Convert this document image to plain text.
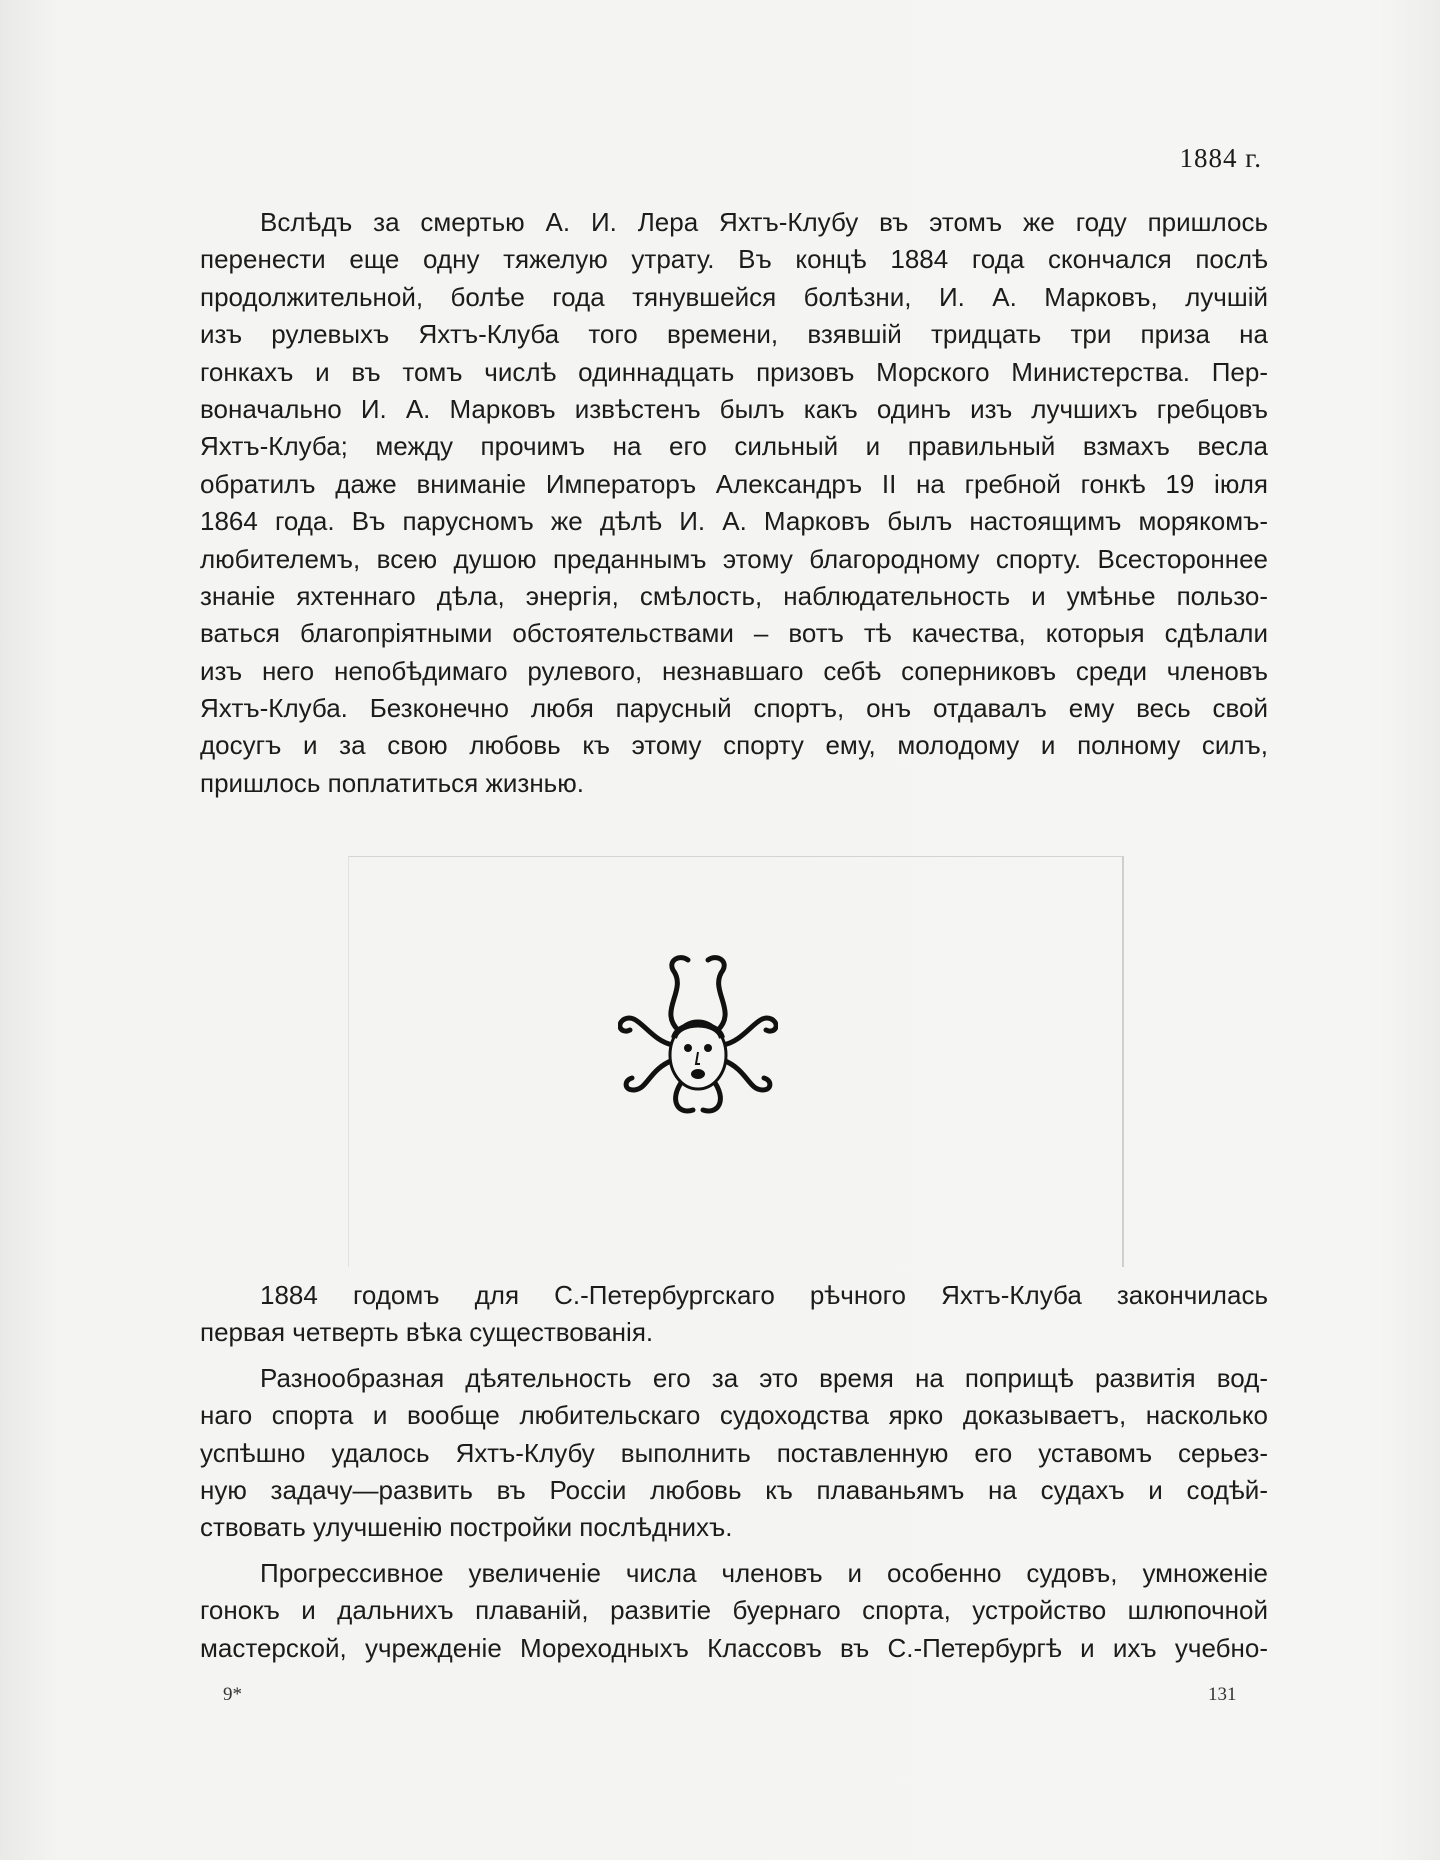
1884 г.
Вслѣдъ за смертью А. И. Лера Яхтъ-Клубу въ этомъ же году пришлось
перенести еще одну тяжелую утрату. Въ концѣ 1884 года скончался послѣ
продолжительной, болѣе года тянувшейся болѣзни, И. А. Марковъ, лучшій
изъ рулевыхъ Яхтъ-Клуба того времени, взявшій тридцать три приза на
гонкахъ и въ томъ числѣ одиннадцать призовъ Морского Министерства. Пер-
воначально И. А. Марковъ извѣстенъ былъ какъ одинъ изъ лучшихъ гребцовъ
Яхтъ-Клуба; между прочимъ на его сильный и правильный взмахъ весла
обратилъ даже вниманіе Императоръ Александръ II на гребной гонкѣ 19 іюля
1864 года. Въ парусномъ же дѣлѣ И. А. Марковъ былъ настоящимъ морякомъ-
любителемъ, всею душою преданнымъ этому благородному спорту. Всестороннее
знаніе яхтеннаго дѣла, энергія, смѣлость, наблюдательность и умѣнье пользо-
ваться благопріятными обстоятельствами – вотъ тѣ качества, которыя сдѣлали
изъ него непобѣдимаго рулевого, незнавшаго себѣ соперниковъ среди членовъ
Яхтъ-Клуба. Безконечно любя парусный спортъ, онъ отдавалъ ему весь свой
досугъ и за свою любовь къ этому спорту ему, молодому и полному силъ,
пришлось поплатиться жизнью.
1884 годомъ для С.-Петербургскаго рѣчного Яхтъ-Клуба закончилась
первая четверть вѣка существованія.
Разнообразная дѣятельность его за это время на поприщѣ развитія вод-
наго спорта и вообще любительскаго судоходства ярко доказываетъ, насколько
успѣшно удалось Яхтъ-Клубу выполнить поставленную его уставомъ серьез-
ную задачу—развить въ Россіи любовь къ плаваньямъ на судахъ и содѣй-
ствовать улучшенію постройки послѣднихъ.
Прогрессивное увеличеніе числа членовъ и особенно судовъ, умноженіе
гонокъ и дальнихъ плаваній, развитіе буернаго спорта, устройство шлюпочной
мастерской, учрежденіе Мореходныхъ Классовъ въ С.-Петербургѣ и ихъ учебно-
9*	131
